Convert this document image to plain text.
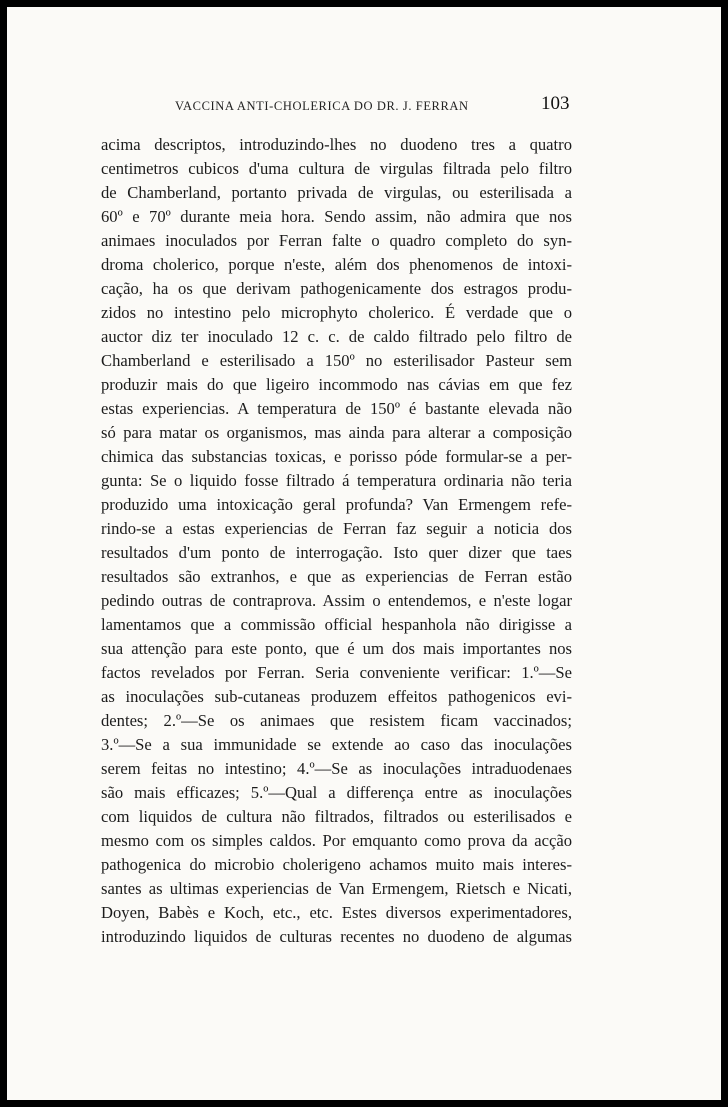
VACCINA ANTI-CHOLERICA DO DR. J. FERRAN	103
acima descriptos, introduzindo-lhes no duodeno tres a quatro
centimetros cubicos d'uma cultura de virgulas filtrada pelo filtro
de Chamberland, portanto privada de virgulas, ou esterilisada a
60º e 70º durante meia hora. Sendo assim, não admira que nos
animaes inoculados por Ferran falte o quadro completo do syn-
droma cholerico, porque n'este, além dos phenomenos de intoxi-
cação, ha os que derivam pathogenicamente dos estragos produ-
zidos no intestino pelo microphyto cholerico. É verdade que o
auctor diz ter inoculado 12 c. c. de caldo filtrado pelo filtro de
Chamberland e esterilisado a 150º no esterilisador Pasteur sem
produzir mais do que ligeiro incommodo nas cávias em que fez
estas experiencias. A temperatura de 150º é bastante elevada não
só para matar os organismos, mas ainda para alterar a composição
chimica das substancias toxicas, e porisso póde formular-se a per-
gunta: Se o liquido fosse filtrado á temperatura ordinaria não teria
produzido uma intoxicação geral profunda? Van Ermengem refe-
rindo-se a estas experiencias de Ferran faz seguir a noticia dos
resultados d'um ponto de interrogação. Isto quer dizer que taes
resultados são extranhos, e que as experiencias de Ferran estão
pedindo outras de contraprova. Assim o entendemos, e n'este logar
lamentamos que a commissão official hespanhola não dirigisse a
sua attenção para este ponto, que é um dos mais importantes nos
factos revelados por Ferran. Seria conveniente verificar: 1.º—Se
as inoculações sub-cutaneas produzem effeitos pathogenicos evi-
dentes; 2.º—Se os animaes que resistem ficam vaccinados;
3.º—Se a sua immunidade se extende ao caso das inoculações
serem feitas no intestino; 4.º—Se as inoculações intraduodenaes
são mais efficazes; 5.º—Qual a differença entre as inoculações
com liquidos de cultura não filtrados, filtrados ou esterilisados e
mesmo com os simples caldos. Por emquanto como prova da acção
pathogenica do microbio cholerigeno achamos muito mais interes-
santes as ultimas experiencias de Van Ermengem, Rietsch e Nicati,
Doyen, Babès e Koch, etc., etc. Estes diversos experimentadores,
introduzindo liquidos de culturas recentes no duodeno de algumas
